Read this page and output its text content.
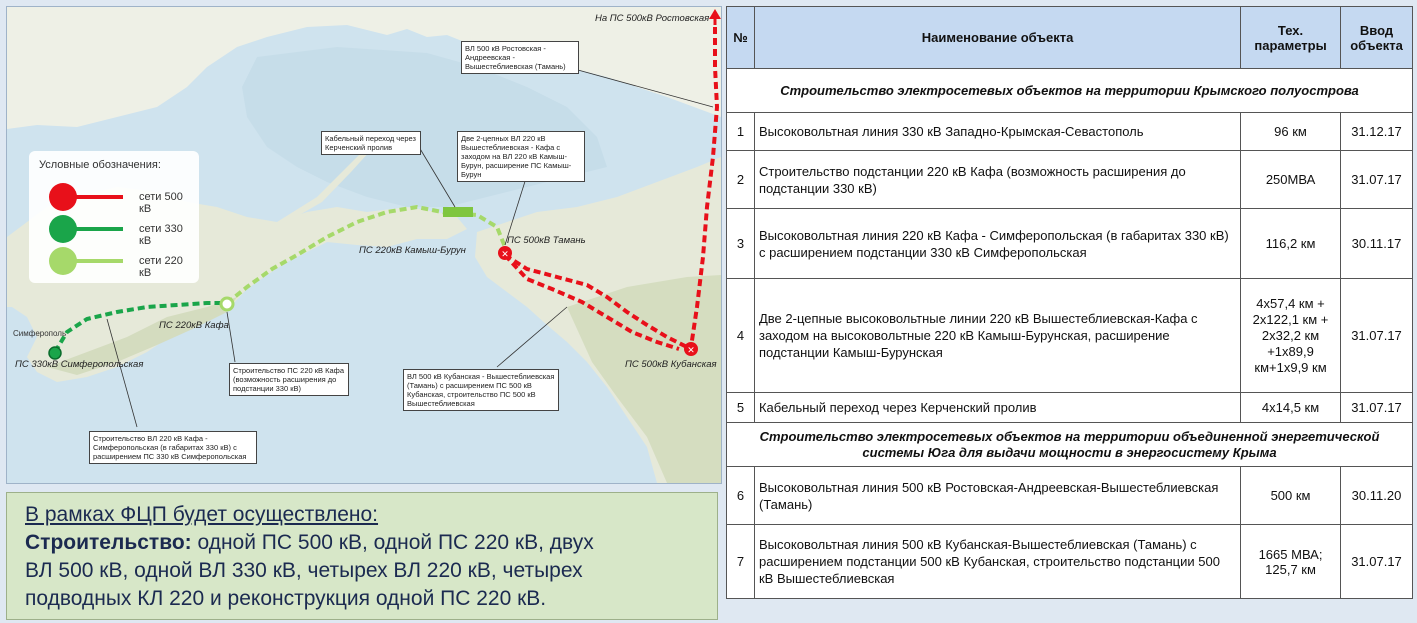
✕
✕
На ПС 500кВ Ростовская
ПС 500кВ Тамань
ПС 220кВ Камыш-Бурун
ПС 220кВ Кафа
ПС 330кВ Симферопольская	ПС 500кВ Кубанская
Симферополь
ВЛ 500 кВ Ростовская - Андреевская - Вышестеблиевская (Тамань)
Кабельный переход через Керченский пролив
Две 2-цепных ВЛ 220 кВ Вышестеблиевская - Кафа с заходом на ВЛ 220 кВ Камыш-Бурун, расширение ПС Камыш-Бурун
Строительство ПС 220 кВ Кафа (возможность расширения до подстанции 330 кВ)
Строительство ВЛ 220 кВ Кафа - Симферопольская (в габаритах 330 кВ) с расширением ПС 330 кВ Симферопольская
ВЛ 500 кВ Кубанская - Вышестеблиевская (Тамань) с расширением ПС 500 кВ Кубанская, строительство ПС 500 кВ Вышестеблиевская
Условные обозначения:
сети 500 кВ
сети 330 кВ
сети 220 кВ
В рамках ФЦП будет осуществлено:
Строительство: одной ПС 500 кВ, одной ПС 220 кВ, двух
ВЛ 500 кВ, одной ВЛ 330 кВ, четырех ВЛ 220 кВ, четырех
подводных КЛ 220 и реконструкция одной ПС 220 кВ.
№	Наименование объекта	Тех. параметры	Ввод объекта
Строительство электросетевых объектов на территории Крымского полуострова			
1	Высоковольтная линия 330 кВ Западно-Крымская-Севастополь	96 км	31.12.17
2	Строительство подстанции 220 кВ Кафа (возможность расширения до подстанции 330 кВ)	250МВА	31.07.17
3	Высоковольтная линия 220 кВ Кафа - Симферопольская (в габаритах 330 кВ) с расширением подстанции 330 кВ Симферопольская	116,2 км	30.11.17
4	Две 2-цепные высоковольтные линии 220 кВ Вышестеблиевская-Кафа с заходом на высоковольтные 220 кВ Камыш-Бурунская, расширение подстанции Камыш-Бурунская	4х57,4 км + 2х122,1 км + 2х32,2 км +1х89,9 км+1х9,9 км	31.07.17
5	Кабельный переход через Керченский пролив	4х14,5 км	31.07.17
Строительство электросетевых объектов на территории объединенной энергетической системы Юга для выдачи мощности в энергосистему Крыма			
6	Высоковольтная линия 500 кВ Ростовская-Андреевская-Вышестеблиевская (Тамань)	500 км	30.11.20
7	Высоковольтная линия 500 кВ Кубанская-Вышестеблиевская (Тамань) с расширением подстанции 500 кВ Кубанская, строительство подстанции 500 кВ Вышестеблиевская	1665 МВА; 125,7 км	31.07.17
